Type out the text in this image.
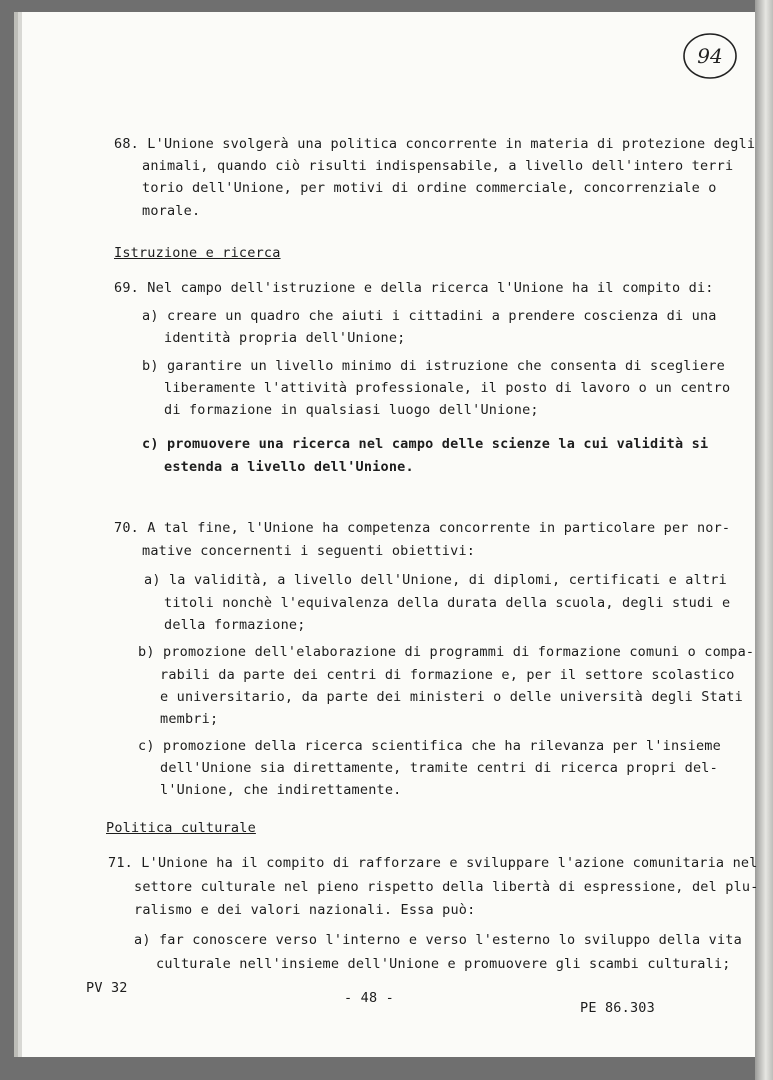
94
68. L'Unione svolgerà una politica concorrente in materia di protezione degli
animali, quando ciò risulti indispensabile, a livello dell'intero terri
torio dell'Unione, per motivi di ordine commerciale, concorrenziale o
morale.
Istruzione e ricerca
69. Nel campo dell'istruzione e della ricerca l'Unione ha il compito di:
a) creare un quadro che aiuti i cittadini a prendere coscienza di una
identità propria dell'Unione;
b) garantire un livello minimo di istruzione che consenta di scegliere
liberamente l'attività professionale, il posto di lavoro o un centro
di formazione in qualsiasi luogo dell'Unione;
c) promuovere una ricerca nel campo delle scienze la cui validità si
estenda a livello dell'Unione.
70. A tal fine, l'Unione ha competenza concorrente in particolare per nor-
mative concernenti i seguenti obiettivi:
a) la validità, a livello dell'Unione, di diplomi, certificati e altri
titoli nonchè l'equivalenza della durata della scuola, degli studi e
della formazione;
b) promozione dell'elaborazione di programmi di formazione comuni o compa-
rabili da parte dei centri di formazione e, per il settore scolastico
e universitario, da parte dei ministeri o delle università degli Stati
membri;
c) promozione della ricerca scientifica che ha rilevanza per l'insieme
dell'Unione sia direttamente, tramite centri di ricerca propri del-
l'Unione, che indirettamente.
Politica culturale
71. L'Unione ha il compito di rafforzare e sviluppare l'azione comunitaria nel
settore culturale nel pieno rispetto della libertà di espressione, del plu-
ralismo e dei valori nazionali. Essa può:
a) far conoscere verso l'interno e verso l'esterno lo sviluppo della vita
culturale nell'insieme dell'Unione e promuovere gli scambi culturali;
PV 32
- 48 -
PE 86.303
